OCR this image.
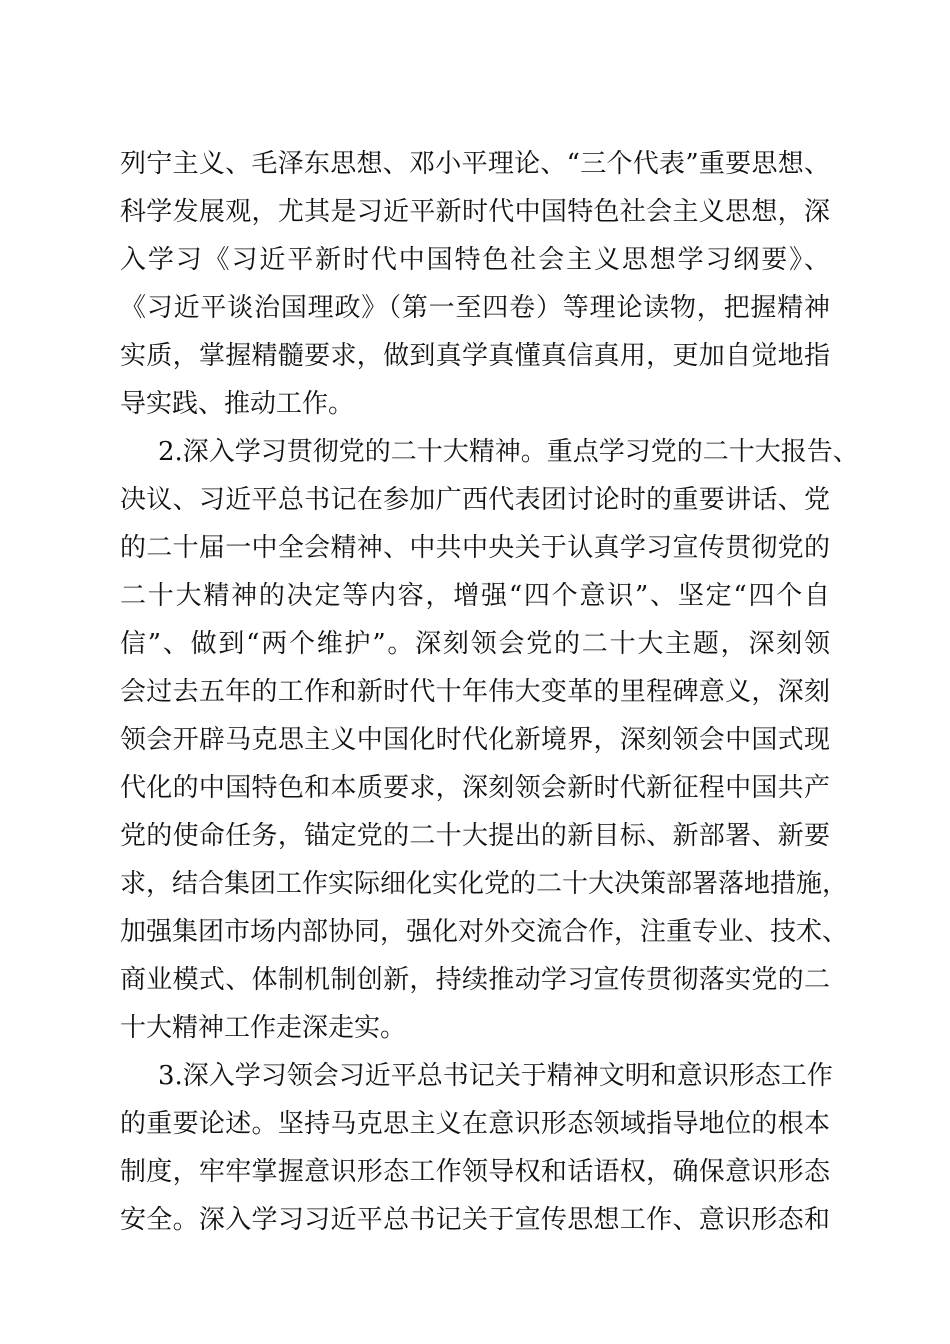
列宁主义、毛泽东思想、邓小平理论、“三个代表”重要思想、
科学发展观，尤其是习近平新时代中国特色社会主义思想，深
入学习《习近平新时代中国特色社会主义思想学习纲要》、
《习近平谈治国理政》（第一至四卷）等理论读物，把握精神
实质，掌握精髓要求，做到真学真懂真信真用，更加自觉地指
导实践、推动工作。
2.深入学习贯彻党的二十大精神。重点学习党的二十大报告、
决议、习近平总书记在参加广西代表团讨论时的重要讲话、党
的二十届一中全会精神、中共中央关于认真学习宣传贯彻党的
二十大精神的决定等内容，增强“四个意识”、坚定“四个自
信”、做到“两个维护”。深刻领会党的二十大主题，深刻领
会过去五年的工作和新时代十年伟大变革的里程碑意义，深刻
领会开辟马克思主义中国化时代化新境界，深刻领会中国式现
代化的中国特色和本质要求，深刻领会新时代新征程中国共产
党的使命任务，锚定党的二十大提出的新目标、新部署、新要
求，结合集团工作实际细化实化党的二十大决策部署落地措施，
加强集团市场内部协同，强化对外交流合作，注重专业、技术、
商业模式、体制机制创新，持续推动学习宣传贯彻落实党的二
十大精神工作走深走实。
3.深入学习领会习近平总书记关于精神文明和意识形态工作
的重要论述。坚持马克思主义在意识形态领域指导地位的根本
制度，牢牢掌握意识形态工作领导权和话语权，确保意识形态
安全。深入学习习近平总书记关于宣传思想工作、意识形态和
